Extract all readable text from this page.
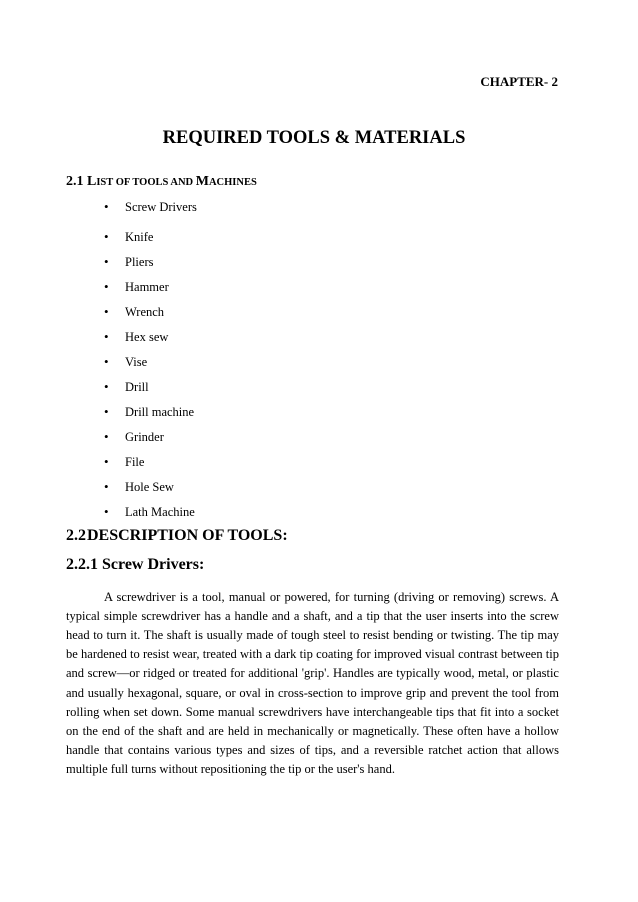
CHAPTER- 2
REQUIRED TOOLS & MATERIALS
2.1 LIST OF TOOLS AND MACHINES
• Screw Drivers
• Knife
• Pliers
• Hammer
• Wrench
• Hex sew
• Vise
• Drill
• Drill machine
• Grinder
• File
• Hole Sew
• Lath Machine
2.2DESCRIPTION OF TOOLS:
2.2.1 Screw Drivers:

A screwdriver is a tool, manual or powered, for turning (driving or removing) screws. A typical simple screwdriver has a handle and a shaft, and a tip that the user inserts into the screw head to turn it. The shaft is usually made of tough steel to resist bending or twisting. The tip may be hardened to resist wear, treated with a dark tip coating for improved visual contrast between tip and screw—or ridged or treated for additional 'grip'. Handles are typically wood, metal, or plastic and usually hexagonal, square, or oval in cross-section to improve grip and prevent the tool from rolling when set down. Some manual screwdrivers have interchangeable tips that fit into a socket on the end of the shaft and are held in mechanically or magnetically. These often have a hollow handle that contains various types and sizes of tips, and a reversible ratchet action that allows multiple full turns without repositioning the tip or the user's hand.
